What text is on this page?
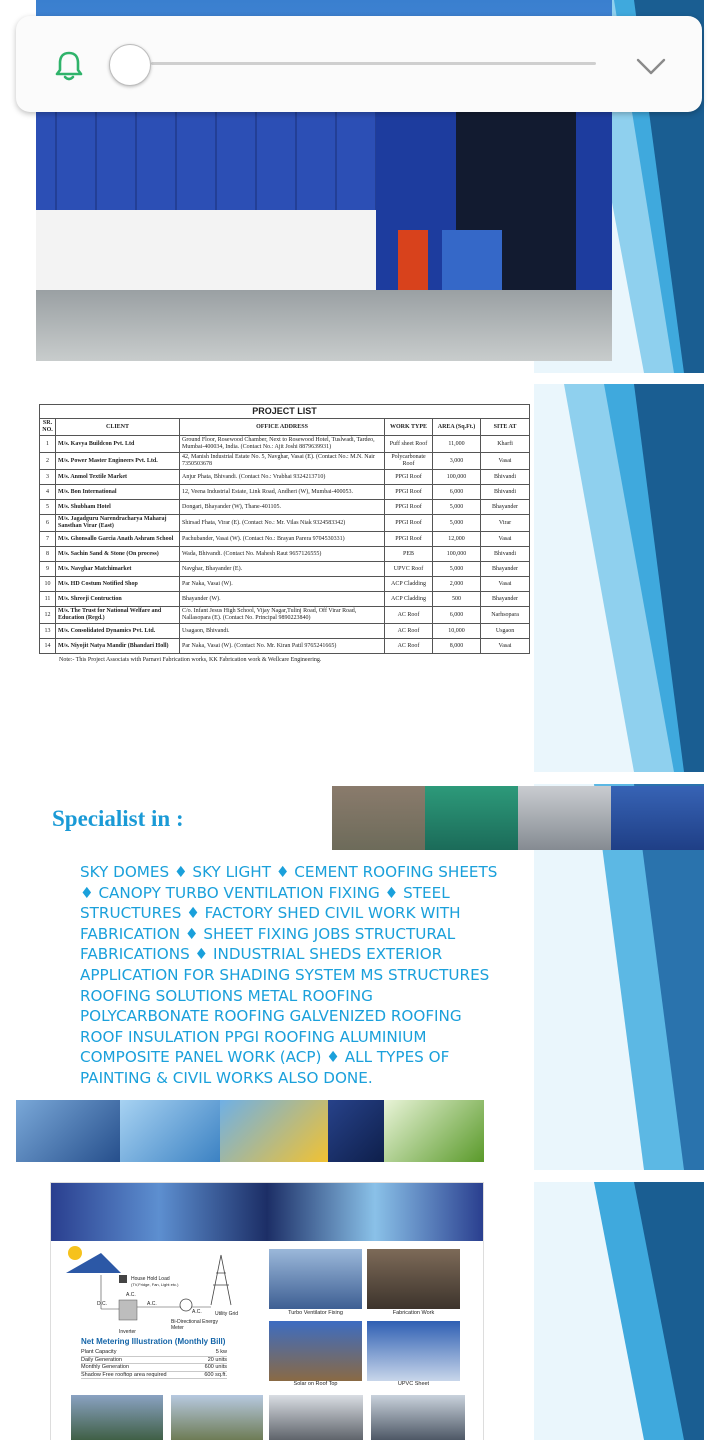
PROJECT LIST					
SR. NO.	CLIENT	OFFICE ADDRESS	WORK TYPE	AREA (Sq.Ft.)	SITE AT
1	M/s. Kavya Buildcon Pvt. Ltd	Ground Floor, Rosewood Chamber, Next to Rosewood Hotel, Tuslwadi, Tardeo, Mumbai-400034, India. (Contact No.: Ajit Joshi 8879639931)	Puff sheet Roof	11,000	Kharfi
2	M/s. Power Master Engineers Pvt. Ltd.	42, Manish Industrial Estate No. 5, Navghar, Vasai (E). (Contact No.: M.N. Nair 7350503678	Polycarbonate Roof	3,000	Vasai
3	M/s. Anmol Textile Market	Anjur Phata, Bhivandi. (Contact No.: Vrabhai 9324213710)	PPGI Roof	100,000	Bhivandi
4	M/s. Bon International	12, Veena Industrial Estate, Link Road, Andheri (W), Mumbai-400053.	PPGI Roof	6,000	Bhivandi
5	M/s. Shubham Hotel	Dongari, Bhayander (W), Thane-401105.	PPGI Roof	5,000	Bhayander
6	M/s. Jagadguru Narendracharya Maharaj Sansthan Virar (East)	Shirsad Fhata, Virar (E). (Contact No.: Mr. Vilas Niak 9324583342)	PPGI Roof	5,000	Virar
7	M/s. Ghonsallo Garcia Anath Ashram School	Pachubander, Vasai (W). (Contact No.: Brayan Parera 9704530331)	PPGI Roof	12,000	Vasai
8	M/s. Sachin Sand & Stone (On process)	Wada, Bhivandi. (Contact No. Mahesh Raut 9657126555)	PEB	100,000	Bhivandi
9	M/s. Navghar Matchimarket	Navghar, Bhayander (E).	UPVC Roof	5,000	Bhayander
10	M/s. HD Costum Notified Shop	Par Naka, Vasai (W).	ACP Cladding	2,000	Vasai
11	M/s. Shreeji Contruction	Bhayander (W).	ACP Cladding	500	Bhayander
12	M/s. The Trust for National Welfare and Education (Regd.)	C/o. Infant Jesus High School, Vijay Nagar,Tulinj Road, Off Virar Road, Nallasopara (E). (Contact No. Principal 9890223840)	AC Roof	6,000	Narhsopara
13	M/s. Consolidated Dynamics Pvt. Ltd.	Usagaon, Bhivandi.	AC Roof	10,000	Usgaon
14	M/s. Niyojit Natya Mandir (Bhandari Holl)	Par Naka, Vasai (W). (Contact No. Mr. Kiran Patil 9765241665)	AC Roof	8,000	Vasai
Note:- This Project Associats with Parnavi Fabrication works, KK Fabrication work & Wellcare Engineering.
Specialist in :
SKY DOMES ♦ SKY LIGHT ♦ CEMENT ROOFING SHEETS ♦ CANOPY TURBO VENTILATION FIXING ♦ STEEL STRUCTURES ♦ FACTORY SHED CIVIL WORK WITH FABRICATION ♦ SHEET FIXING JOBS STRUCTURAL FABRICATIONS ♦ INDUSTRIAL SHEDS EXTERIOR APPLICATION FOR SHADING SYSTEM MS STRUCTURES ROOFING SOLUTIONS METAL ROOFING POLYCARBONATE ROOFING GALVENIZED ROOFING ROOF INSULATION PPGI ROOFING ALUMINIUM COMPOSITE PANEL WORK (ACP) ♦ ALL TYPES OF PAINTING & CIVIL WORKS ALSO DONE.
House Hold Load
(TV,Fridge, Fan, Light etc.)
A.C.
D.C.	A.C.
A.C.	Utility Grid
Inverter
Bi-Directional Energy Meter
Net Metering Illustration (Monthly Bill)
Plant Capacity	5 kw
Daily Generation	20 units
Monthly Generation	600 units
Shadow Free rooftop area required	600 sq.ft.
Turbo Ventilator Fixing	Fabrication Work
Solar on Roof Top	UPVC Sheet
